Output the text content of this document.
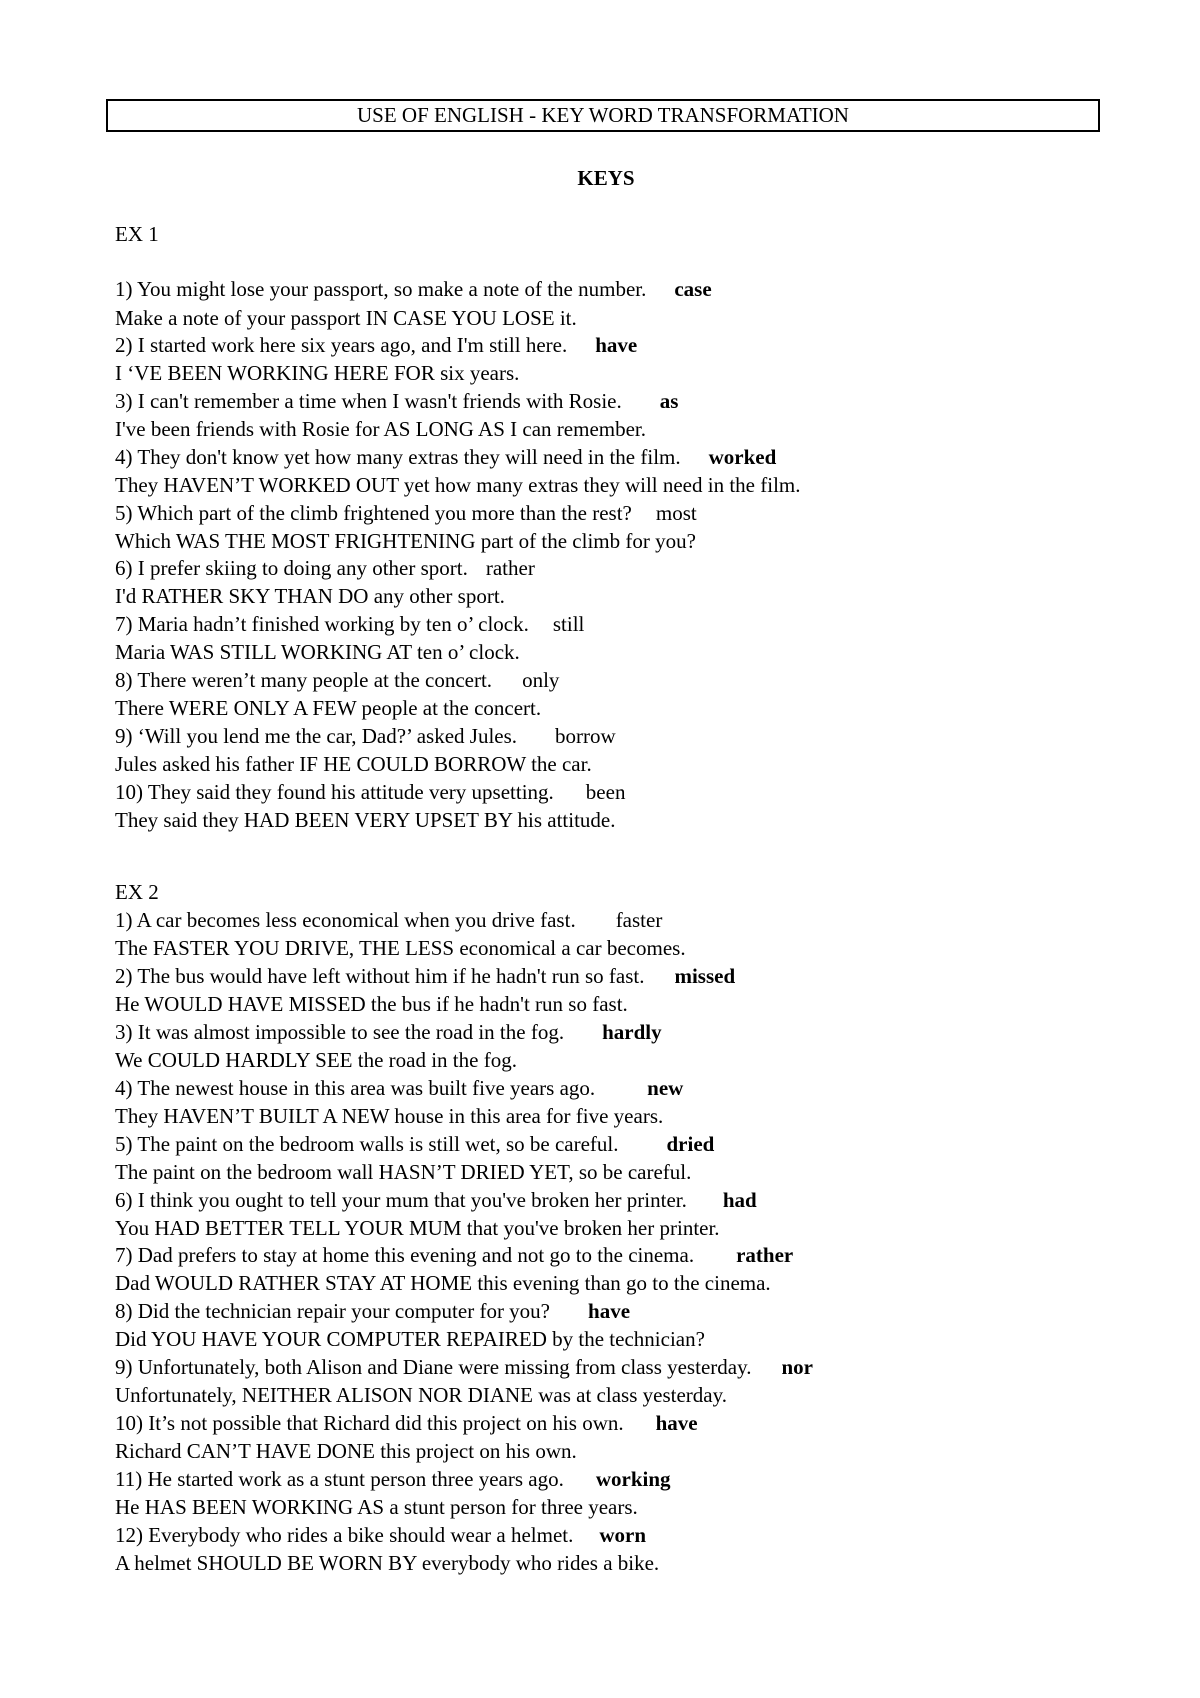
USE OF ENGLISH - KEY WORD TRANSFORMATION
KEYS
EX 1
1) You might lose your passport, so make a note of the number. case
Make a note of your passport IN CASE YOU LOSE it.
2) I started work here six years ago, and I'm still here. have
I ‘VE BEEN WORKING HERE FOR six years.
3) I can't remember a time when I wasn't friends with Rosie. as
I've been friends with Rosie for AS LONG AS I can remember.
4) They don't know yet how many extras they will need in the film. worked
They HAVEN’T WORKED OUT yet how many extras they will need in the film.
5) Which part of the climb frightened you more than the rest? most
Which WAS THE MOST FRIGHTENING part of the climb for you?
6) I prefer skiing to doing any other sport. rather
I'd RATHER SKY THAN DO any other sport.
7) Maria hadn’t finished working by ten o’ clock. still
Maria WAS STILL WORKING AT ten o’ clock.
8) There weren’t many people at the concert. only
There WERE ONLY A FEW people at the concert.
9) ‘Will you lend me the car, Dad?’ asked Jules. borrow
Jules asked his father IF HE COULD BORROW the car.
10) They said they found his attitude very upsetting. been
They said they HAD BEEN VERY UPSET BY his attitude.
EX 2
1) A car becomes less economical when you drive fast. faster
The FASTER YOU DRIVE, THE LESS economical a car becomes.
2) The bus would have left without him if he hadn't run so fast. missed
He WOULD HAVE MISSED the bus if he hadn't run so fast.
3) It was almost impossible to see the road in the fog. hardly
We COULD HARDLY SEE the road in the fog.
4) The newest house in this area was built five years ago. new
They HAVEN’T BUILT A NEW house in this area for five years.
5) The paint on the bedroom walls is still wet, so be careful. dried
The paint on the bedroom wall HASN’T DRIED YET, so be careful.
6) I think you ought to tell your mum that you've broken her printer. had
You HAD BETTER TELL YOUR MUM that you've broken her printer.
7) Dad prefers to stay at home this evening and not go to the cinema. rather
Dad WOULD RATHER STAY AT HOME this evening than go to the cinema.
8) Did the technician repair your computer for you? have
Did YOU HAVE YOUR COMPUTER REPAIRED by the technician?
9) Unfortunately, both Alison and Diane were missing from class yesterday. nor
Unfortunately, NEITHER ALISON NOR DIANE was at class yesterday.
10) It’s not possible that Richard did this project on his own. have
Richard CAN’T HAVE DONE this project on his own.
11) He started work as a stunt person three years ago. working
He HAS BEEN WORKING AS a stunt person for three years.
12) Everybody who rides a bike should wear a helmet. worn
A helmet SHOULD BE WORN BY everybody who rides a bike.
